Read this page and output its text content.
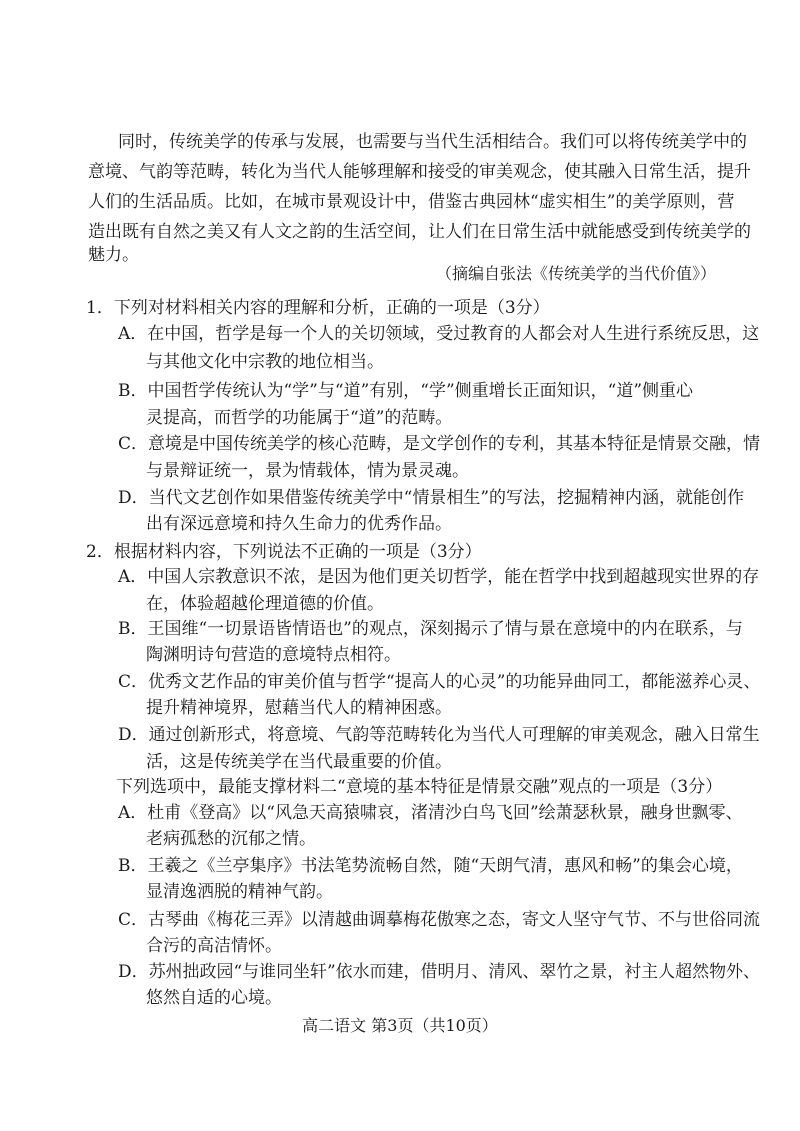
同时，传统美学的传承与发展，也需要与当代生活相结合。我们可以将传统美学中的
意境、气韵等范畴，转化为当代人能够理解和接受的审美观念，使其融入日常生活，提升
人们的生活品质。比如，在城市景观设计中，借鉴古典园林“虚实相生”的美学原则，营
造出既有自然之美又有人文之韵的生活空间，让人们在日常生活中就能感受到传统美学的
魅力。
（摘编自张法《传统美学的当代价值》）
1．下列对材料相关内容的理解和分析，正确的一项是（3分）
A．在中国，哲学是每一个人的关切领域，受过教育的人都会对人生进行系统反思，这
与其他文化中宗教的地位相当。
B．中国哲学传统认为“学”与“道”有别，“学”侧重增长正面知识，“道”侧重心
灵提高，而哲学的功能属于“道”的范畴。
C．意境是中国传统美学的核心范畴，是文学创作的专利，其基本特征是情景交融，情
与景辩证统一，景为情载体，情为景灵魂。
D．当代文艺创作如果借鉴传统美学中“情景相生”的写法，挖掘精神内涵，就能创作
出有深远意境和持久生命力的优秀作品。
2．根据材料内容，下列说法不正确的一项是（3分）
A．中国人宗教意识不浓，是因为他们更关切哲学，能在哲学中找到超越现实世界的存
在，体验超越伦理道德的价值。
B．王国维“一切景语皆情语也”的观点，深刻揭示了情与景在意境中的内在联系，与
陶渊明诗句营造的意境特点相符。
C．优秀文艺作品的审美价值与哲学“提高人的心灵”的功能异曲同工，都能滋养心灵、
提升精神境界，慰藉当代人的精神困惑。
D．通过创新形式，将意境、气韵等范畴转化为当代人可理解的审美观念，融入日常生
活，这是传统美学在当代最重要的价值。
下列选项中，最能支撑材料二“意境的基本特征是情景交融”观点的一项是（3分）
A．杜甫《登高》以“风急天高猿啸哀，渚清沙白鸟飞回”绘萧瑟秋景，融身世飘零、
老病孤愁的沉郁之情。
B．王羲之《兰亭集序》书法笔势流畅自然，随“天朗气清，惠风和畅”的集会心境，
显清逸洒脱的精神气韵。
C．古琴曲《梅花三弄》以清越曲调摹梅花傲寒之态，寄文人坚守气节、不与世俗同流
合污的高洁情怀。
D．苏州拙政园“与谁同坐轩”依水而建，借明月、清风、翠竹之景，衬主人超然物外、
悠然自适的心境。
高二语文 第3页（共10页）
